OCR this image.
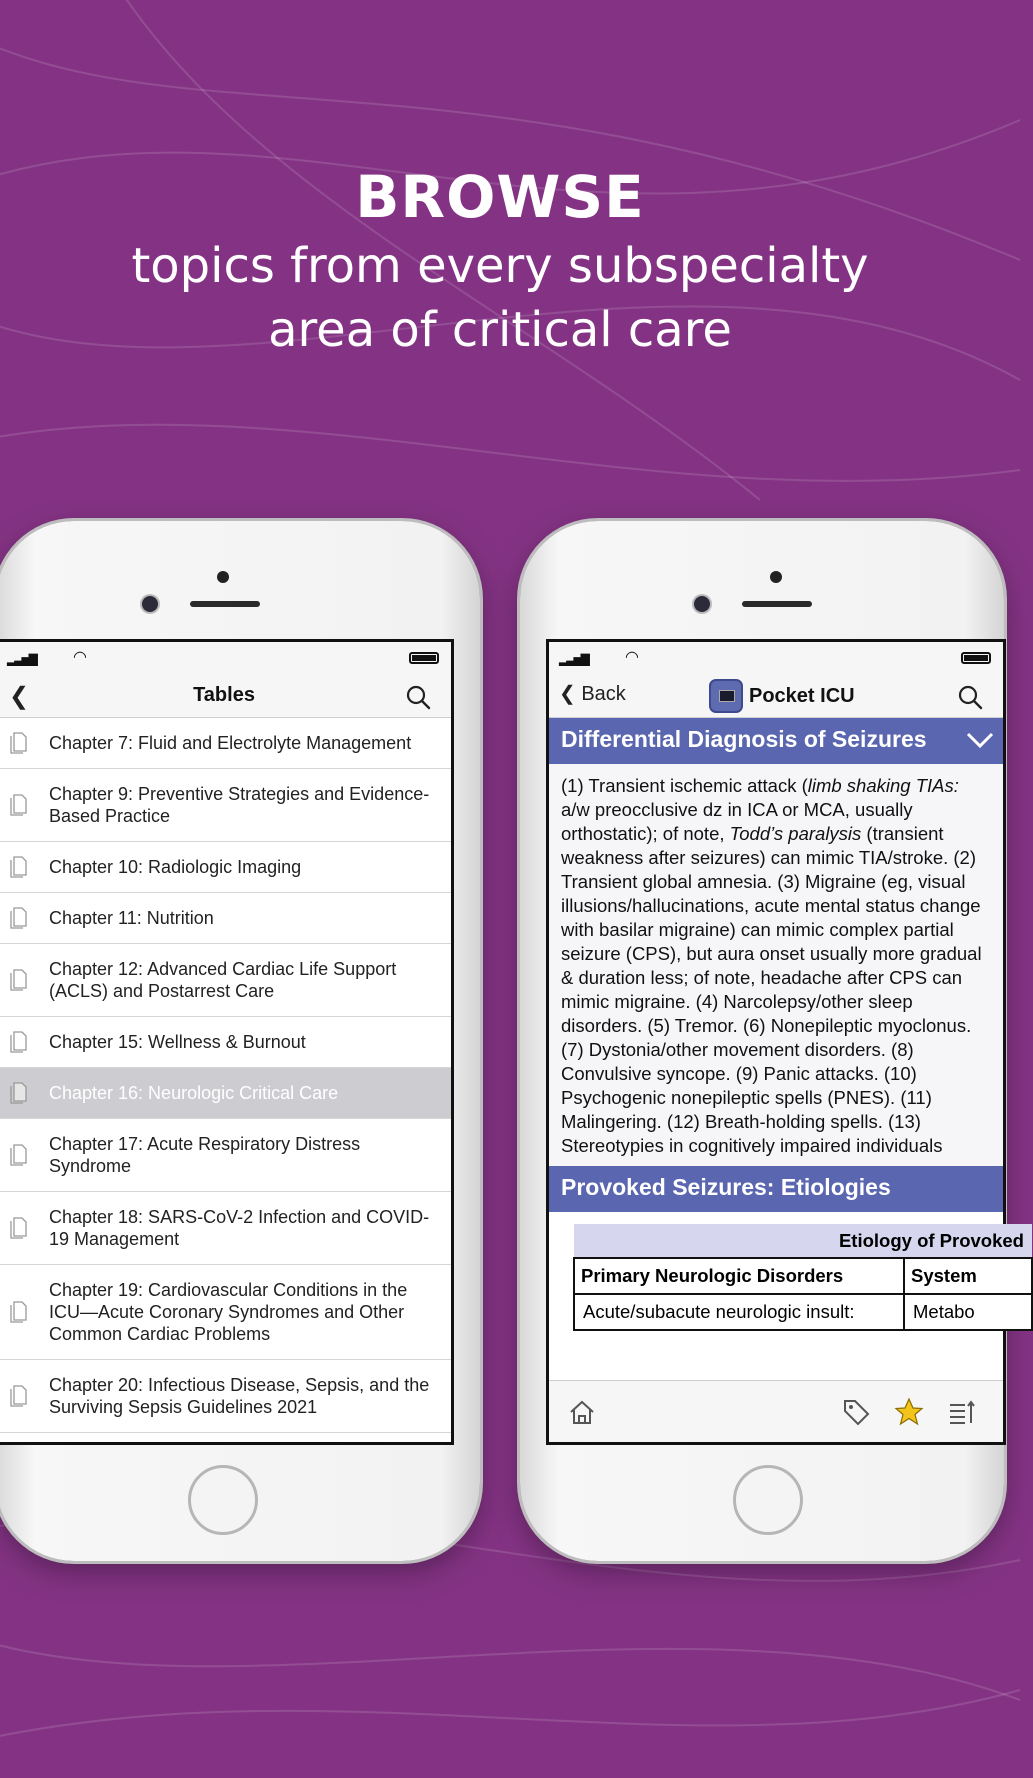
BROWSE
topics from every subspecialty
area of critical care
▂▃▅▇ ◠
❮	Tables
Chapter 7: Fluid and Electrolyte Management
Chapter 9: Preventive Strategies and Evidence-Based Practice
Chapter 10: Radiologic Imaging
Chapter 11: Nutrition
Chapter 12: Advanced Cardiac Life Support (ACLS) and Postarrest Care
Chapter 15: Wellness & Burnout
Chapter 16: Neurologic Critical Care
Chapter 17: Acute Respiratory Distress Syndrome
Chapter 18: SARS-CoV-2 Infection and COVID-19 Management
Chapter 19: Cardiovascular Conditions in the ICU—Acute Coronary Syndromes and Other Common Cardiac Problems
Chapter 20: Infectious Disease, Sepsis, and the Surviving Sepsis Guidelines 2021
▂▃▅▇ ◠
❮ Back	Pocket ICU
Differential Diagnosis of Seizures
(1) Transient ischemic attack (limb shaking TIAs: a/w preocclusive dz in ICA or MCA, usually orthostatic); of note, Todd’s paralysis (transient weakness after seizures) can mimic TIA/stroke. (2) Transient global amnesia. (3) Migraine (eg, visual illusions/hallucinations, acute mental status change with basilar migraine) can mimic complex partial seizure (CPS), but aura onset usually more gradual & duration less; of note, headache after CPS can mimic migraine. (4) Narcolepsy/other sleep disorders. (5) Tremor. (6) Nonepileptic myoclonus. (7) Dystonia/other movement disorders. (8) Convulsive syncope. (9) Panic attacks. (10) Psychogenic nonepileptic spells (PNES). (11) Malingering. (12) Breath-holding spells. (13) Stereotypies in cognitively impaired individuals
Provoked Seizures: Etiologies
Etiology of Provoked	
Primary Neurologic Disorders	System
Acute/subacute neurologic insult:	Metabo
